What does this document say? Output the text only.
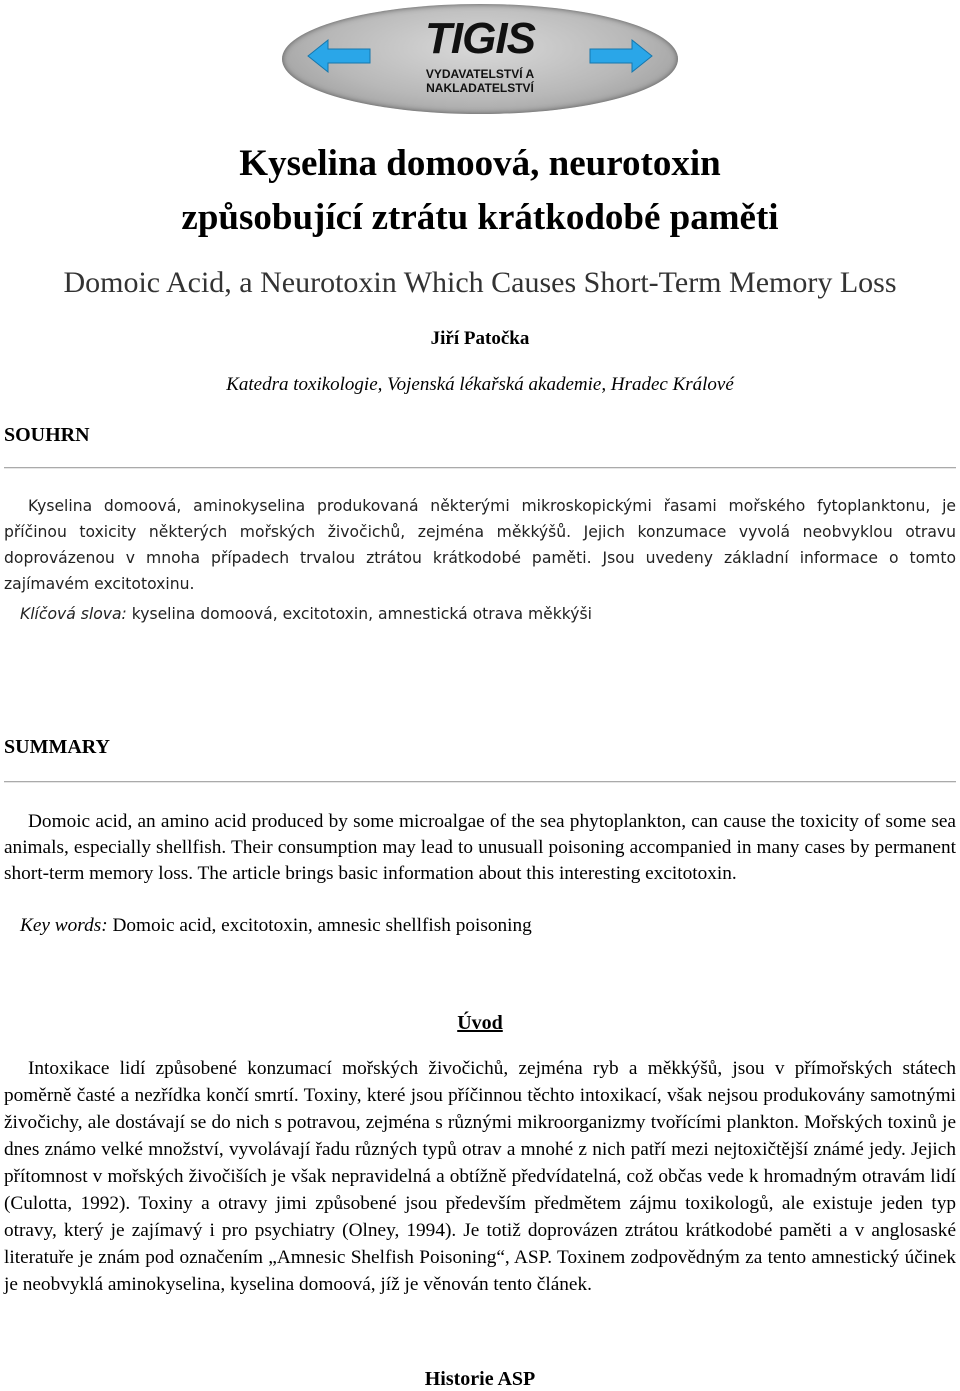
TIGIS
VYDAVATELSTVÍ A
NAKLADATELSTVÍ
Kyselina domoová, neurotoxin
způsobující ztrátu krátkodobé paměti
Domoic Acid, a Neurotoxin Which Causes Short-Term Memory Loss
Jiří Patočka
Katedra toxikologie, Vojenská lékařská akademie, Hradec Králové
SOUHRN

Kyselina domoová, aminokyselina produkovaná některými mikroskopickými řasami mořského fytoplanktonu, je příčinou toxicity některých mořských živočichů, zejména měkkýšů. Jejich konzumace vyvolá neobvyklou otravu doprovázenou v mnoha případech trvalou ztrátou krátkodobé paměti. Jsou uvedeny základní informace o tomto zajímavém excitotoxinu.

Klíčová slova: kyselina domoová, excitotoxin, amnestická otrava měkkýši
SUMMARY

Domoic acid, an amino acid produced by some microalgae of the sea phytoplankton, can cause the toxicity of some sea animals, especially shellfish. Their consumption may lead to unusuall poisoning accompanied in many cases by permanent short-term memory loss. The article brings basic information about this interesting excitotoxin.

Key words: Domoic acid, excitotoxin, amnesic shellfish poisoning
Úvod

Intoxikace lidí způsobené konzumací mořských živočichů, zejména ryb a měkkýšů, jsou v přímořských státech poměrně časté a nezřídka končí smrtí. Toxiny, které jsou příčinnou těchto intoxikací, však nejsou produkovány samotnými živočichy, ale dostávají se do nich s potravou, zejména s různými mikroorganizmy tvořícími plankton. Mořských toxinů je dnes známo velké množství, vyvolávají řadu různých typů otrav a mnohé z nich patří mezi nejtoxičtější známé jedy. Jejich přítomnost v mořských živočiších je však nepravidelná a obtížně předvídatelná, což občas vede k hromadným otravám lidí (Culotta, 1992). Toxiny a otravy jimi způsobené jsou především předmětem zájmu toxikologů, ale existuje jeden typ otravy, který je zajímavý i pro psychiatry (Olney, 1994). Je totiž doprovázen ztrátou krátkodobé paměti a v anglosaské literatuře je znám pod označením „Amnesic Shelfish Poisoning“, ASP. Toxinem zodpovědným za tento amnestický účinek je neobvyklá aminokyselina, kyselina domoová, jíž je věnován tento článek.

Historie ASP
